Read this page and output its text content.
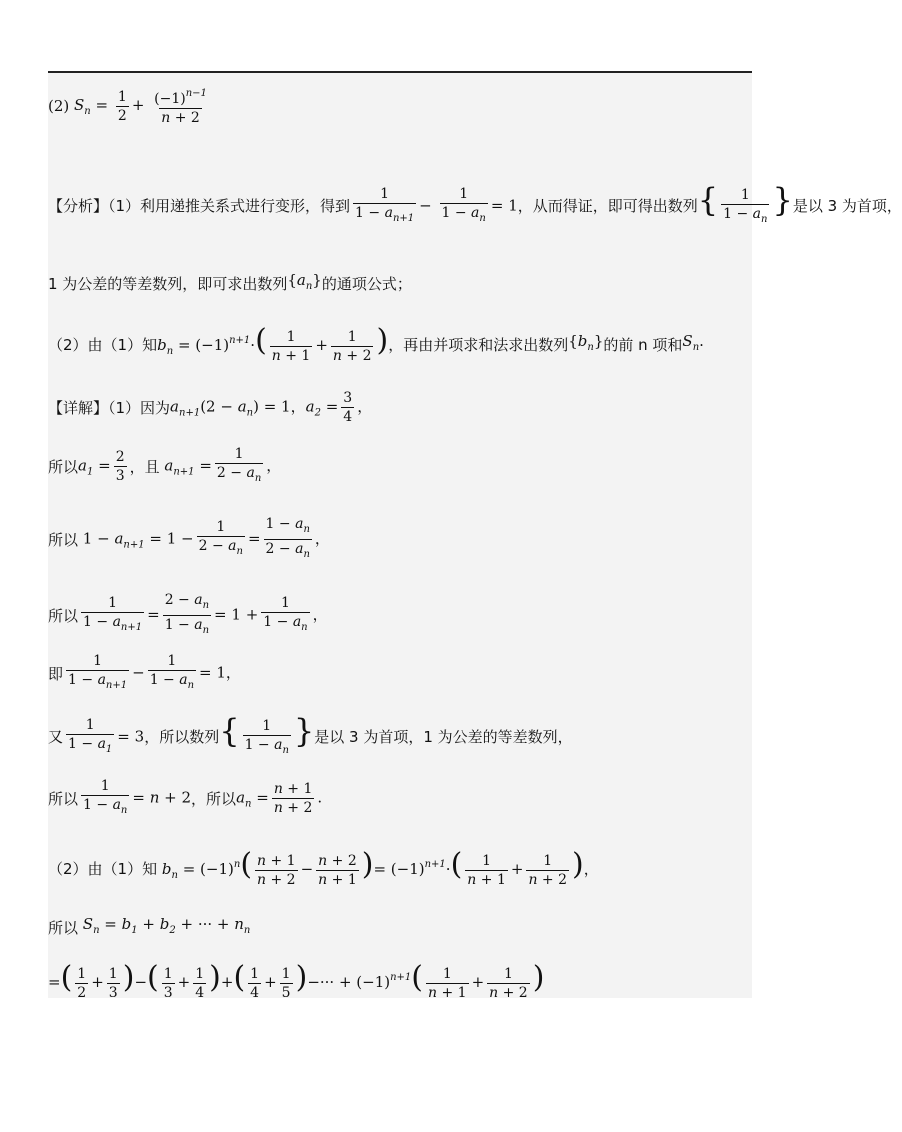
(2) $S_n = \frac{1}{2} + \frac{(-1)^{n-1}}{n + 2}$
【分析】（1）利用递推关系式进行变形，得到 $\frac{1}{1 - a_{n+1}} - \frac{1}{1 - a_n} = 1$ ，从而得证，即可得出数列 { $\frac{1}{1 - a_n}$ } 是以 3 为首项，
1 为公差的等差数列，即可求出数列 $\{a_n\}$ 的通项公式；
（2）由（1）知 $b_n = (-1)^{n+1}\cdot( \frac{1}{n + 1} + \frac{1}{n + 2}$ ) ，再由并项求和法求出数列 $\{b_n\}$ 的前 n 项和 $S_n$.
【详解】（1）因为 $a_{n+1}(2 - a_n) = 1$，$a_2 = \frac{3}{4}$ ，
所以 $a_1 = \frac{2}{3}$ ，且 $a_{n+1} = \frac{1}{2 - a_n}$ ，
所以 $1 - a_{n+1} = 1 - \frac{1}{2 - a_n} = \frac{1 - a_n}{2 - a_n}$ ，
所以 $\frac{1}{1 - a_{n+1}} = \frac{2 - a_n}{1 - a_n} = 1 + \frac{1}{1 - a_n}$ ，
即 $\frac{1}{1 - a_{n+1}} - \frac{1}{1 - a_n} = 1$，
又 $\frac{1}{1 - a_1} = 3$ ，所以数列 { $\frac{1}{1 - a_n}$ } 是以 3 为首项，1 为公差的等差数列，
所以 $\frac{1}{1 - a_n} = n + 2$ ，所以 $a_n = \frac{n + 1}{n + 2}$ .
（2）由（1）知 $b_n = (-1)^n( \frac{n + 1}{n + 2} - \frac{n + 2}{n + 1}$ )= $(-1)^{n+1}\cdot( \frac{1}{n + 1} + \frac{1}{n + 2}$ )，
所以 $S_n = b_1 + b_2$ + ··· + $n_n$
=( $\frac{1}{2} + \frac{1}{3}$ )−( $\frac{1}{3} + \frac{1}{4}$ )+( $\frac{1}{4} + \frac{1}{5}$ )−··· + $(-1)^{n+1}( \frac{1}{n + 1} + \frac{1}{n + 2}$ )
